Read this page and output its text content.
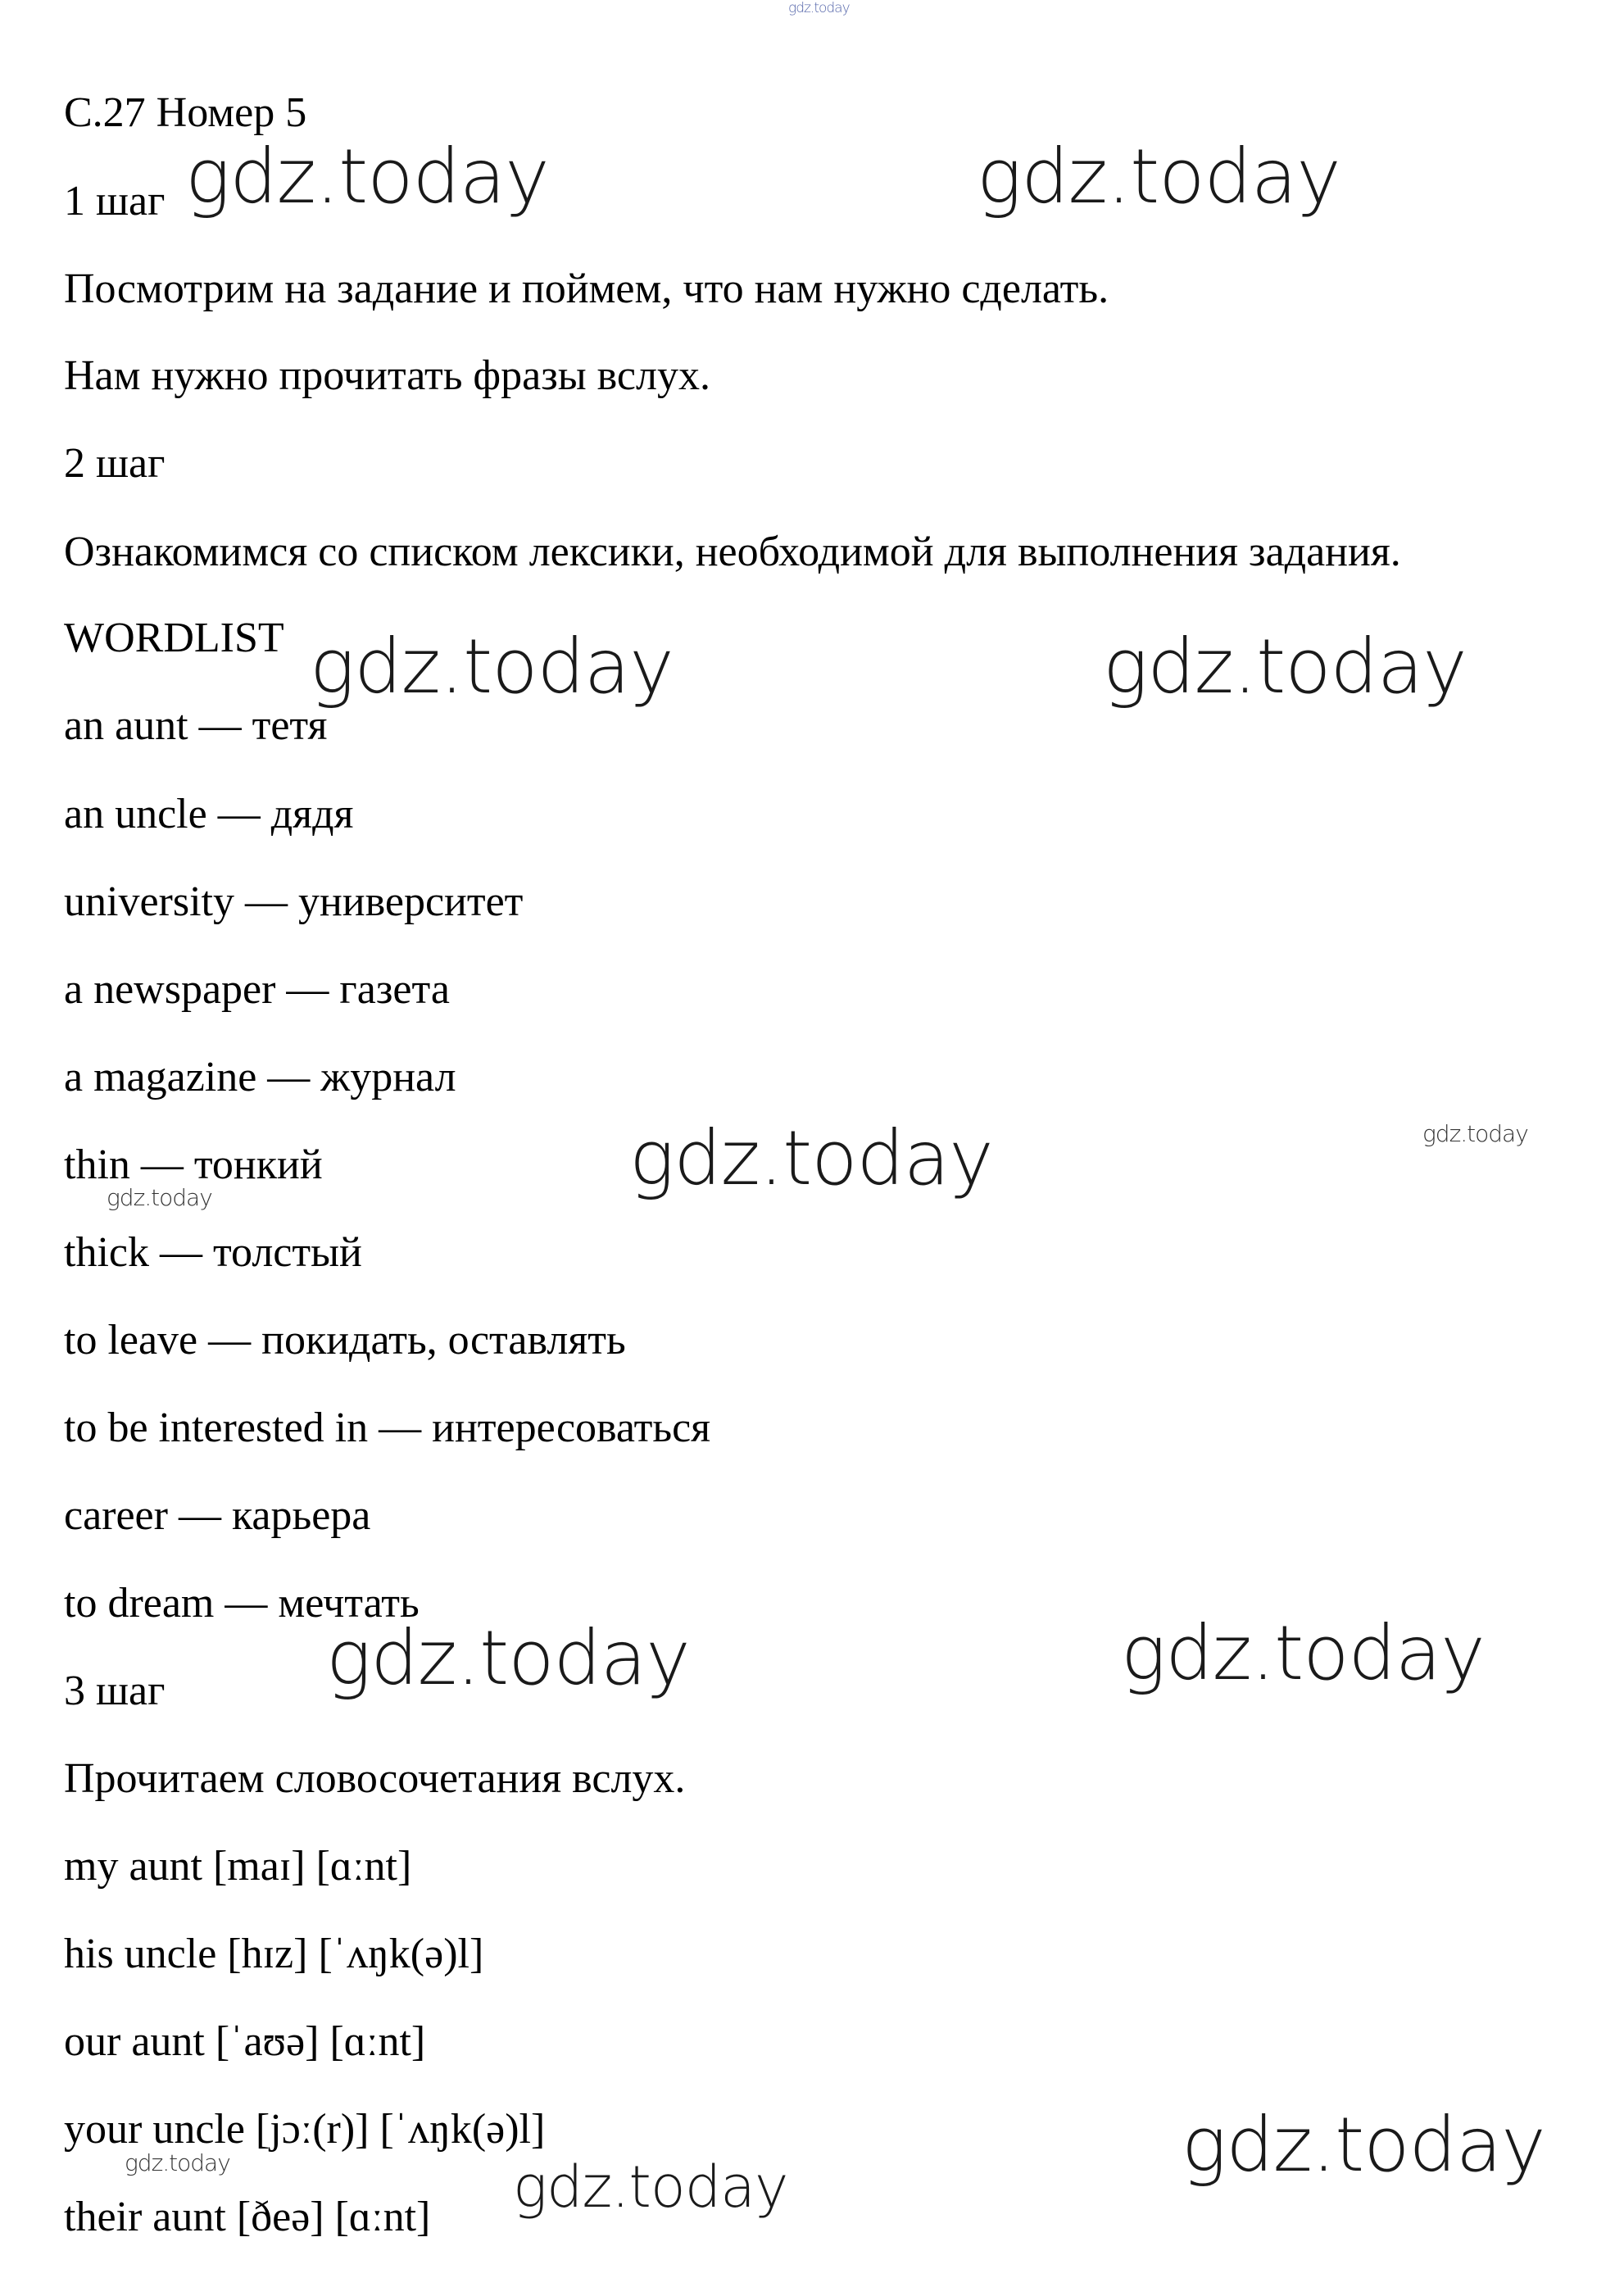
С.27 Номер 5
1 шаг
Посмотрим на задание и поймем, что нам нужно сделать.
Нам нужно прочитать фразы вслух.
2 шаг
Ознакомимся со списком лексики, необходимой для выполнения задания.
WORDLIST
an aunt — тетя
an uncle — дядя
university — университет
a newspaper — газета
a magazine — журнал
thin — тонкий
thick — толстый
to leave — покидать, оставлять
to be interested in — интересоваться
career — карьера
to dream — мечтать
3 шаг
Прочитаем словосочетания вслух.
my aunt [maɪ] [ɑːnt]
his uncle [hɪz] [ˈʌŋk(ə)l]
our aunt [ˈaʊə] [ɑːnt]
your uncle [jɔː(r)] [ˈʌŋk(ə)l]
their aunt [ðeə] [ɑːnt]
gdz.today
gdz.today	gdz.today
gdz.today	gdz.today
gdz.today
gdz.today
gdz.today
gdz.today	gdz.today
gdz.today
gdz.today	gdz.today
